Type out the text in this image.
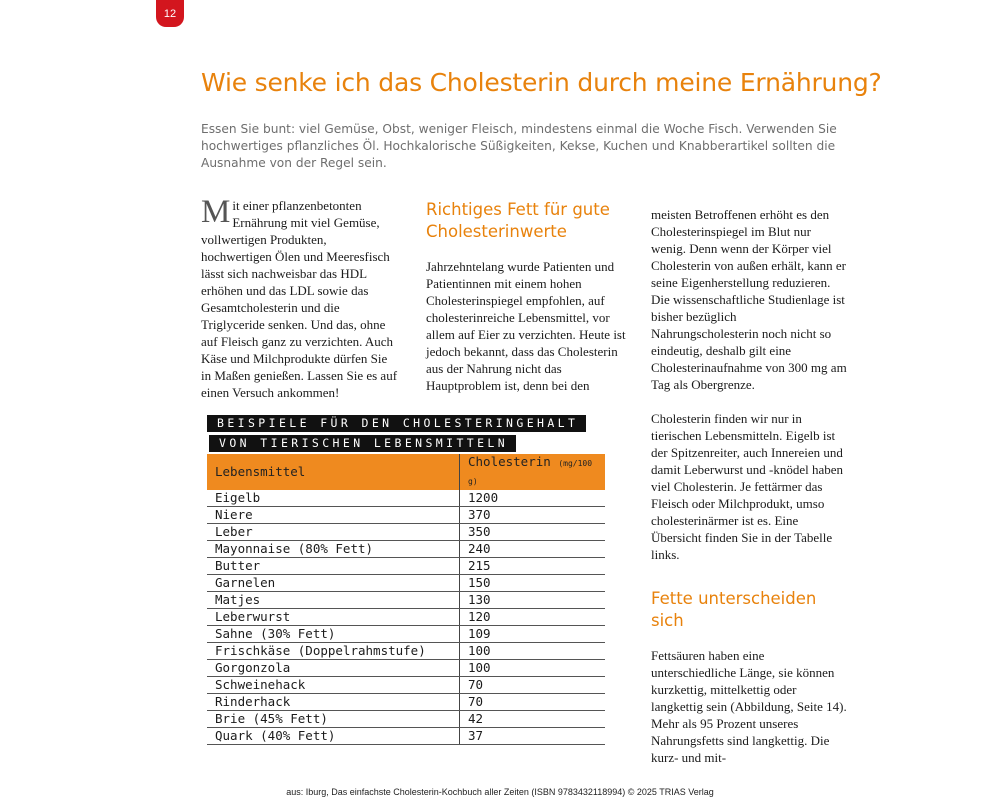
12
Wie senke ich das Cholesterin durch meine Ernährung?

Essen Sie bunt: viel Gemüse, Obst, weniger Fleisch, mindestens einmal die Woche Fisch. Verwenden Sie hochwertiges pflanzliches Öl. Hochkalorische Süßigkeiten, Kekse, Kuchen und Knabberartikel sollten die Ausnahme von der Regel sein.

M it einer pflanzenbetonten Ernährung mit viel Gemüse, vollwertigen Produkten, hochwertigen Ölen und Meeresfisch lässt sich nachweisbar das HDL erhöhen und das LDL sowie das Gesamtcholesterin und die Triglyceride senken. Und das, ohne auf Fleisch ganz zu verzichten. Auch Käse und Milchprodukte dürfen Sie in Maßen genießen. Lassen Sie es auf einen Versuch ankommen!

Richtiges Fett für gute Cholesterinwerte

Jahrzehntelang wurde Patienten und Patientinnen mit einem hohen Cholesterinspiegel empfohlen, auf cholesterinreiche Lebensmittel, vor allem auf Eier zu verzichten. Heute ist jedoch bekannt, dass das Cholesterin aus der Nahrung nicht das Hauptproblem ist, denn bei den

meisten Betroffenen erhöht es den Cholesterinspiegel im Blut nur wenig. Denn wenn der Körper viel Cholesterin von außen erhält, kann er seine Eigenherstellung reduzieren. Die wissenschaftliche Studienlage ist bisher bezüglich Nahrungscholesterin noch nicht so eindeutig, deshalb gilt eine Cholesterinaufnahme von 300 mg am Tag als Obergrenze.

Cholesterin finden wir nur in tierischen Lebensmitteln. Eigelb ist der Spitzenreiter, auch Innereien und damit Leberwurst und -knödel haben viel Cholesterin. Je fettärmer das Fleisch oder Milchprodukt, umso cholesterinärmer ist es. Eine Übersicht finden Sie in der Tabelle links.

Fette unterscheiden sich

Fettsäuren haben eine unterschiedliche Länge, sie können kurzkettig, mittelkettig oder langkettig sein (Abbildung, Seite 14). Mehr als 95 Prozent unseres Nahrungsfetts sind langkettig. Die kurz- und mit-

BEISPIELE FÜR DEN CHOLESTERINGEHALT
VON TIERISCHEN LEBENSMITTELN
Lebensmittel	Cholesterin (mg/100 g)
Eigelb	1200
Niere	370
Leber	350
Mayonnaise (80% Fett)	240
Butter	215
Garnelen	150
Matjes	130
Leberwurst	120
Sahne (30% Fett)	109
Frischkäse (Doppelrahmstufe)	100
Gorgonzola	100
Schweinehack	70
Rinderhack	70
Brie (45% Fett)	42
Quark (40% Fett)	37
aus: Iburg, Das einfachste Cholesterin-Kochbuch aller Zeiten (ISBN 9783432118994) © 2025 TRIAS Verlag
